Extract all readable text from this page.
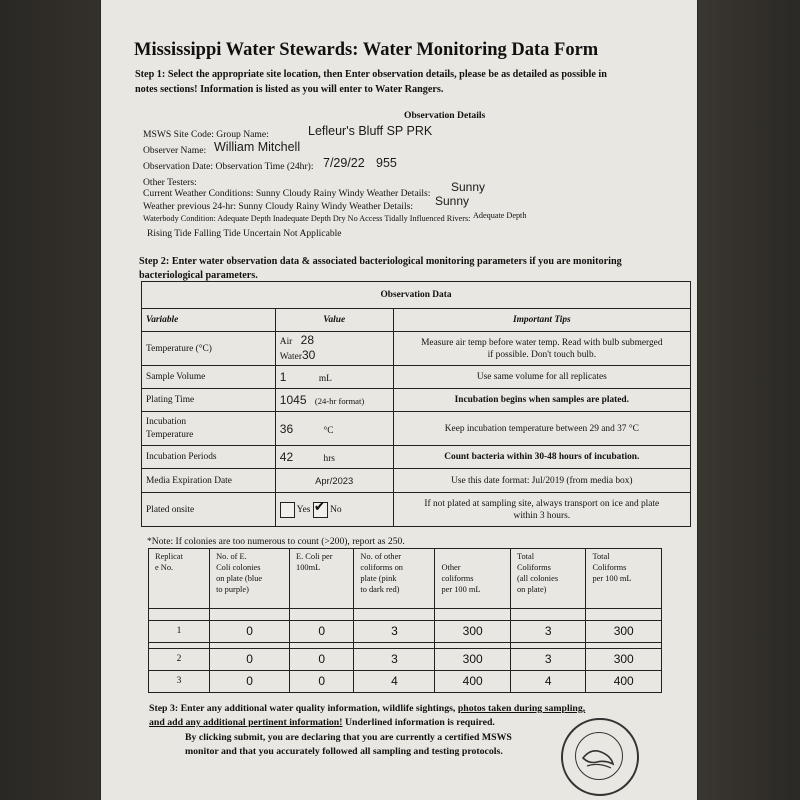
Mississippi Water Stewards: Water Monitoring Data Form
Step 1: Select the appropriate site location, then Enter observation details, please be as detailed as possible in
notes sections! Information is listed as you will enter to Water Rangers.
Observation Details
MSWS Site Code: Group Name:	Lefleur's Bluff SP PRK
Observer Name: William Mitchell
Observation Date: Observation Time (24hr): 7/29/22 955
Other Testers:
Current Weather Conditions: Sunny Cloudy Rainy Windy Weather Details: Sunny
Weather previous 24-hr: Sunny Cloudy Rainy Windy Weather Details: Sunny
Waterbody Condition: Adequate Depth Inadequate Depth Dry No Access Tidally Influenced Rivers: Adequate Depth
Rising Tide Falling Tide Uncertain Not Applicable
Step 2: Enter water observation data & associated bacteriological monitoring parameters if you are monitoring
bacteriological parameters.
Observation Data		
Variable	Value	Important Tips
Temperature (°C)	Air 28
Water30	Measure air temp before water temp. Read with bulb submerged
if possible. Don't touch bulb.
Sample Volume	1 mL	Use same volume for all replicates
Plating Time	1045 (24-hr format)	Incubation begins when samples are plated.
Incubation
Temperature	36 °C	Keep incubation temperature between 29 and 37 °C
Incubation Periods	42 hrs	Count bacteria within 30-48 hours of incubation.
Media Expiration Date	Apr/2023	Use this date format: Jul/2019 (from media box)
Plated onsite	Yes ✔ No	If not plated at sampling site, always transport on ice and plate
within 3 hours.
*Note: If colonies are too numerous to count (>200), report as 250.
Replicat
e No.	No. of E.
Coli colonies
on plate (blue
to purple)	E. Coli per
100mL	No. of other
coliforms on
plate (pink
to dark red)	Other
coliforms
per 100 mL	Total
Coliforms
(all colonies
on plate)	Total
Coliforms
per 100 mL

1	0	0	3	300	3	300

2	0	0	3	300	3	300
3	0	0	4	400	4	400
Step 3: Enter any additional water quality information, wildlife sightings, photos taken during sampling,
and add any additional pertinent information! Underlined information is required.
By clicking submit, you are declaring that you are currently a certified MSWS
monitor and that you accurately followed all sampling and testing protocols.
